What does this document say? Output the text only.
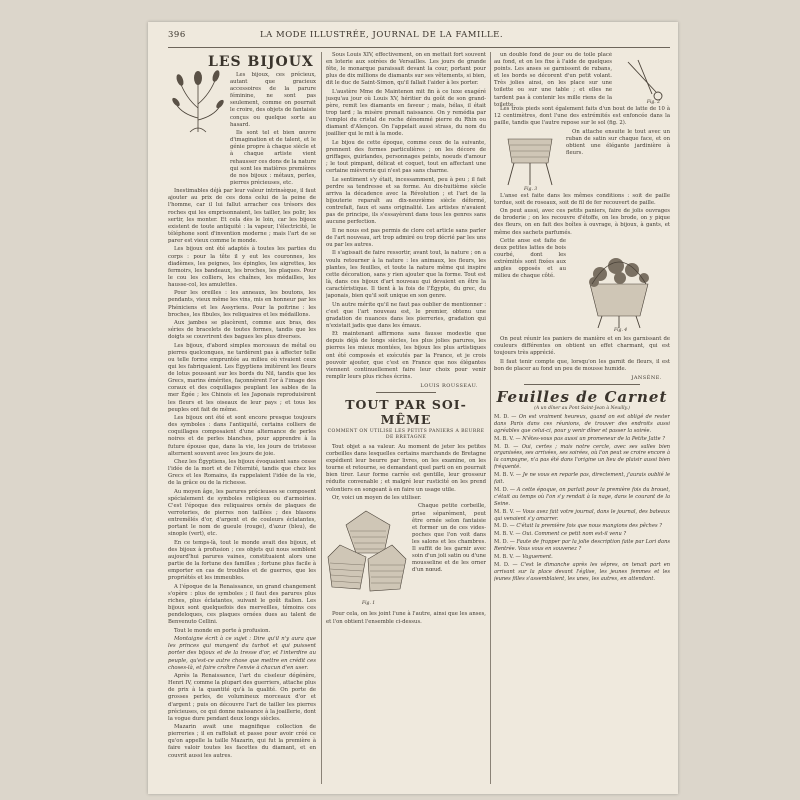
396	LA MODE ILLUSTRÉE, JOURNAL DE LA FAMILLE.
LES BIJOUX

Les bijoux, ces précieux, autant que gracieux accessoires de la parure féminine, ne sont pas seulement, comme on pourrait le croire, des objets de fantaisie conçus ou quelque sorte au hasard.

Ils sont tel et bien œuvre d'imagination et de talent, et le génie propre à chaque siècle et à chaque artiste vient rehausser ces dons de la nature qui sont les matières premières de nos bijoux : métaux, perles, pierres précieuses, etc.

Inestimables déjà par leur valeur intrinsèque, il faut ajouter au prix de ces dons celui de la peine de l'homme, car il lui fallut arracher ces trésors des roches qui les emprisonnaient, les tailler, les polir, les sertir, les monter. Et cela dès le loin, car les bijoux existent de toute antiquité : la vapeur, l'électricité, le téléphone sont d'invention moderne ; mais l'art de se parer est vieux comme le monde.

Les bijoux ont été adaptés à toutes les parties du corps : pour la tête il y eut les couronnes, les diadèmes, les peignes, les épingles, les aigrettes, les fermoirs, les bandeaux, les broches, les plaques. Pour le cou les colliers, les chaînes, les médailles, les hausse-col, les amulettes.

Pour les oreilles : les anneaux, les boutons, les pendants, vieux même les vins, mis en honneur par les Phéniciens et les Assyriens. Pour la poitrine : les broches, les fibules, les reliquaires et les médaillons.

Aux jambes se placèrent, comme aux bras, des séries de bracelets de toutes formes, tandis que les doigts se couvrirent des bagues les plus diverses.

Les bijoux, d'abord simples morceaux de métal ou pierres quelconques, ne tardèrent pas à affecter telle ou telle forme empruntée au milieu où vivaient ceux qui les fabriquaient. Les Égyptiens imitèrent les fleurs de lotus poussant sur les bords du Nil, tandis que les Grecs, marins émérites, façonnèrent l'or à l'image des coraux et des coquillages peuplant les sables de la mer Égée ; les Chinois et les Japonais reproduisirent les fleurs et les oiseaux de leur pays ; et tous les peuples ont fait de même.

Les bijoux ont été et sont encore presque toujours des symboles : dans l'antiquité, certains colliers de coquillages composaient d'une alternance de perles noires et de perles blanches, pour apprendre à la future épouse que, dans la vie, les jours de tristesse alternent souvent avec les jours de joie.

Chez les Égyptiens, les bijoux évoquaient sans cesse l'idée de la mort et de l'éternité, tandis que chez les Grecs et les Romains, ils rappelaient l'idée de la vie, de la grâce ou de la richesse.

Au moyen âge, les parures précieuses se composent spécialement de symboles religieux ou d'armoiries. C'est l'époque des reliquaires ornés de plaques de verroteries, de pierres non taillées ; des blasons entremêlés d'or, d'argent et de couleurs éclatantes, portant le nom de gueule (rouge), d'azur (bleu), de sinople (vert), etc.

En ce temps-là, tout le monde avait des bijoux, et des bijoux à profusion ; ces objets qui nous semblent aujourd'hui parures vaines, constituaient alors une partie de la fortune des familles ; fortune plus facile à emporter en cas de troubles et de guerres, que les propriétés et les immeubles.

A l'époque de la Renaissance, un grand changement s'opère : plus de symboles ; il faut des parures plus riches, plus éclatantes, suivant le goût italien. Les bijoux sont quelquefois des merveilles, témoins ces pendeloques, ces plaques ornées dues au talent de Benvenuto Cellini.

Tout le monde en porte à profusion.

Montaigne écrit à ce sujet : Dire qu'il n'y aura que les princes qui mangent du turbot et qui puissent porter des bijoux et de la tresse d'or, et l'interdire au peuple, qu'est-ce autre chose que mettre en crédit ces choses-là, et faire croître l'envie à chacun d'en user.

Après la Renaissance, l'art du ciseleur dégénère, Henri IV, comme la plupart des guerriers, attache plus de prix à la quantité qu'à la qualité. On porte de grosses perles, de volumineux morceaux d'or et d'argent ; puis on découvre l'art de tailler les pierres précieuses, ce qui donne naissance à la joaillerie, dont la vogue dure pendant deux longs siècles.

Mazarin avait une magnifique collection de pierreries ; il en raffolait et passe pour avoir créé ce qu'on appelle la taille Mazarin, qui fut la première à faire valoir toutes les facettes du diamant, et en couvrit aussi les autres.

Sous Louis XIV, effectivement, on en mettait fort souvent en loterie aux soirées de Versailles. Les jours de grande fête, le monarque paraissait devant la cour, portant pour plus de dix millions de diamants sur ses vêtements, si bien, dit le duc de Saint-Simon, qu'il fallait l'aider à les porter.

L'austère Mme de Maintenon mit fin à ce luxe exagéré jusqu'au jour où Louis XV, héritier du goût de son grand-père, remit les diamants en faveur ; mais, hélas, il était trop tard ; la misère prenait naissance. On y remédia par l'emploi du cristal de roche dénommé pierre du Rhin ou diamant d'Alençon. On l'appelait aussi strass, du nom du joaillier qui le mit à la mode.

Le bijou de cette époque, comme ceux de la suivante, prennent des formes particulières ; on les décore de griffages, guirlandes, personnages peints, noeuds d'amour ; le tout pimpant, délicat et coquet, tout en affectant une certaine mièvrerie qui n'est pas sans charme.

Le sentiment s'y était, incessamment, peu à peu ; il fait perdre sa tendresse et sa forme. Au dix-huitième siècle arriva la décadence avec la Révolution ; et l'art de la bijouterie reparaît au dix-neuvième siècle déformé, contrefait, faux et sans originalité. Les artistes n'avaient pas de principe, ils s'essayèrent dans tous les genres sans aucune perfection.

Il ne nous est pas permis de clore cet article sans parler de l'art nouveau, art trop admiré ou trop décrié par les uns ou par les autres.

Il s'agissait de faire ressortir, avant tout, la nature ; on a voulu retourner à la nature : les animaux, les fleurs, les plantes, les feuilles, et toute la nature même qui inspire cette décoration, sans y rien ajouter que la forme. Tout est là, dans ces bijoux d'art nouveau qui devaient en être la caractéristique. Il tient à la fois de l'Égypte, du grec, du japonais, bien qu'il soit unique en son genre.

Un autre mérite qu'il ne faut pas oublier de mentionner : c'est que l'art nouveau est, le premier, obtenu une gradation de nuances dans les pierreries, gradation qui n'existait jadis que dans les émaux.

Et maintenant affirmons sans fausse modestie que depuis déjà de longs siècles, les plus jolies parures, les pierres les mieux montées, les bijoux les plus artistiques ont été composés et exécutés par la France, et je crois pouvoir ajouter, que c'est en France que nos élégantes viennent continuellement faire leur choix pour venir remplir leurs plus riches écrins.

LOUIS ROUSSEAU.
TOUT PAR SOI-MÊME
COMMENT ON UTILISE LES PETITS PANIERS A BEURRE
DE BRETAGNE

Tout objet a sa valeur. Au moment de jeter les petites corbeilles dans lesquelles certains marchands de Bretagne expédient leur beurre par livres, on les examine, on les tourne et retourne, se demandant quel parti on en pourrait bien tirer. Leur forme carrée est gentille, leur grosseur réduite convenable ; et malgré leur rusticité on les prend volontiers en songeant à en faire un usage utile.

Or, voici un moyen de les utiliser.

Fig. 1

Chaque petite corbeille, prise séparément, peut être ornée selon fantaisie et former un de ces vides-poches que l'on voit dans les salons et les chambres. Il suffit de les garnir avec soin d'un joli satin ou d'une mousseline et de les orner d'un nœud.

Pour cela, on les joint l'une à l'autre, ainsi que les anses, et l'on obtient l'ensemble ci-dessus.

un double fond de jour ou de toile placé au fond, et on les fixe à l'aide de quelques points. Les anses se garnissent de rubans, et les bords se décorent d'un petit volant. Très jolies ainsi, on les place sur une toilette ou sur une table ; et elles ne tardent pas à contenir les mille riens de la toilette.	Fig. 2

Les trois pieds sont également faits d'un bout de latte de 10 à 12 centimètres, dont l'une des extrémités est enfoncée dans la paille, tandis que l'autre repose sur le sol (fig. 2).

Fig. 3

On attache ensuite le tout avec un ruban de satin sur chaque face, et on obtient une élégante jardinière à fleurs.

L'anse est faite dans les mêmes conditions : soit de paille tordue, soit de roseaux, soit de fil de fer recouvert de paille.

On peut aussi, avec ces petits paniers, faire de jolis ouvrages de broderie ; on les recouvre d'étoffe, on les brode, on y pique des fleurs, on en fait des boîtes à ouvrage, à bijoux, à gants, et même des sachets parfumés.

Cette anse est faite de deux petites lattes de bois courbé, dont les extrémités sont fixées aux angles opposés et au milieu de chaque côté.

Fig. 4

On peut réunir les paniers de manière et en les garnissant de couleurs différentes on obtient un effet charmant, qui est toujours très apprécié.

Il faut tenir compte que, lorsqu'on les garnit de fleurs, il est bon de placer au fond un peu de mousse humide.

JANSÈNE.
Feuilles de Carnet
(A un dîner au Pont Saint-Jean à Neuilly.)

M. D. — On est vraiment heureux, quand on est obligé de rester dans Paris dans ces réunions, de trouver des endroits aussi agréables que celui-ci, pour y venir dîner et passer la soirée.

M. B. V. — N'êtes-vous pas aussi un promeneur de la Petite Jatte ?

M. D. — Oui, certes ; mais notre cercle, avec ses salles bien organisées, ses arrivées, ses soirées, où l'on peut se croire encore à la campagne, n'a pas été dans l'origine un lieu de plaisir aussi bien fréquenté.

M. B. V. — Je ne vous en reparle pas, directement, j'aurais oublié le fait.

M. D. — A cette époque, on parlait pour la première fois du brouet, c'était au temps où l'on s'y rendait à la nage, dans le courant de la Seine.

M. B. V. — Vous avez fait votre journal, dans le journal, des bateaux qui venaient s'y amarrer.

M. D. — C'était la première fois que nous mangions des pêches ?

M. B. V. — Oui. Comment ce petit nom est-il venu ?

M. D. — Faute de frapper par la jolie description faite par Lori dans Rentrée. Vous vous en souvenez ?

M. B. V. — Vaguement.

M. D. — C'est le dimanche après les vêpres, on tenait part en arrivant sur la place devant l'église, les jeunes femmes et les jeunes filles s'assemblaient, les unes, les autres, en attendant.
